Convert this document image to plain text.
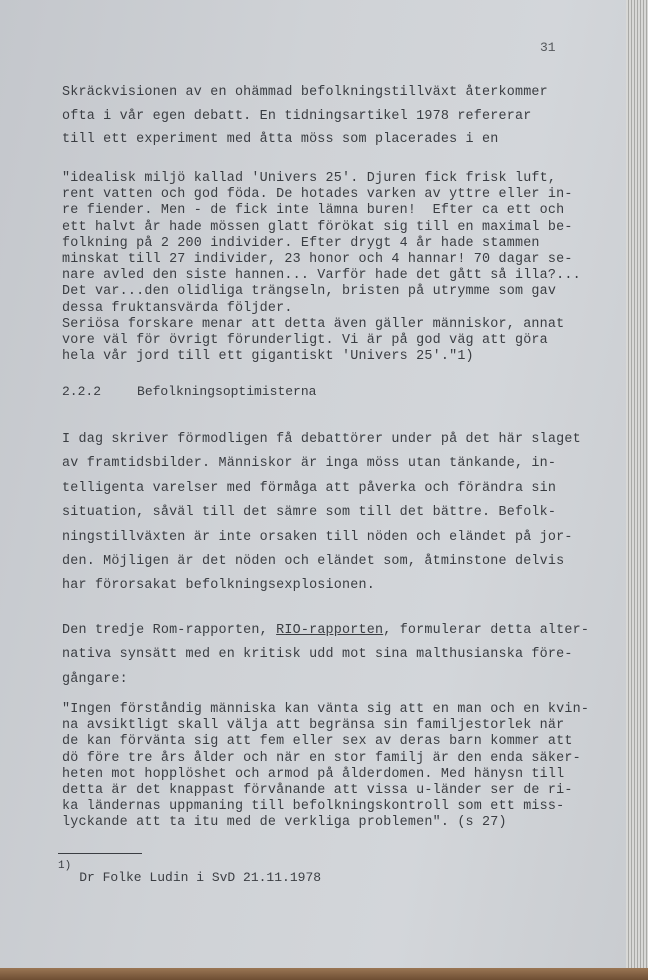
31
Skräckvisionen av en ohämmad befolkningstillväxt återkommer
ofta i vår egen debatt. En tidningsartikel 1978 refererar
till ett experiment med åtta möss som placerades i en
"idealisk miljö kallad 'Univers 25'. Djuren fick frisk luft,
rent vatten och god föda. De hotades varken av yttre eller in-
re fiender. Men - de fick inte lämna buren!  Efter ca ett och
ett halvt år hade mössen glatt förökat sig till en maximal be-
folkning på 2 200 individer. Efter drygt 4 år hade stammen
minskat till 27 individer, 23 honor och 4 hannar! 70 dagar se-
nare avled den siste hannen... Varför hade det gått så illa?...
Det var...den olidliga trängseln, bristen på utrymme som gav
dessa fruktansvärda följder.
Seriösa forskare menar att detta även gäller människor, annat
vore väl för övrigt förunderligt. Vi är på god väg att göra
hela vår jord till ett gigantiskt 'Univers 25'."1)
2.2.2	Befolkningsoptimisterna
I dag skriver förmodligen få debattörer under på det här slaget
av framtidsbilder. Människor är inga möss utan tänkande, in-
telligenta varelser med förmåga att påverka och förändra sin
situation, såväl till det sämre som till det bättre. Befolk-
ningstillväxten är inte orsaken till nöden och eländet på jor-
den. Möjligen är det nöden och eländet som, åtminstone delvis
har förorsakat befolkningsexplosionen.
Den tredje Rom-rapporten, RIO-rapporten, formulerar detta alter-
nativa synsätt med en kritisk udd mot sina malthusianska före-
gångare:
"Ingen förståndig människa kan vänta sig att en man och en kvin-
na avsiktligt skall välja att begränsa sin familjestorlek när
de kan förvänta sig att fem eller sex av deras barn kommer att
dö före tre års ålder och när en stor familj är den enda säker-
heten mot hopplöshet och armod på ålderdomen. Med hänysn till
detta är det knappast förvånande att vissa u-länder ser de ri-
ka ländernas uppmaning till befolkningskontroll som ett miss-
lyckande att ta itu med de verkliga problemen". (s 27)
$^{1)}$Dr Folke Ludin i SvD 21.11.1978
